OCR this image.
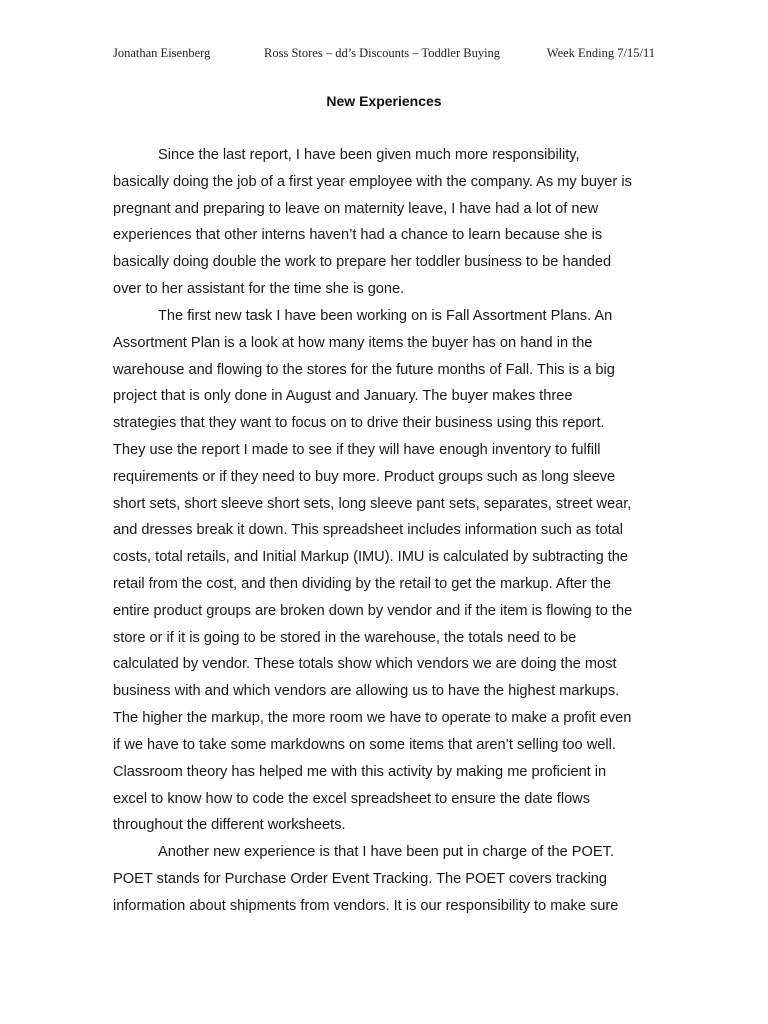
Jonathan Eisenberg	Ross Stores – dd’s Discounts – Toddler Buying	Week Ending 7/15/11
New Experiences
Since the last report, I have been given much more responsibility,
basically doing the job of a first year employee with the company. As my buyer is
pregnant and preparing to leave on maternity leave, I have had a lot of new
experiences that other interns haven’t had a chance to learn because she is
basically doing double the work to prepare her toddler business to be handed
over to her assistant for the time she is gone.
The first new task I have been working on is Fall Assortment Plans. An
Assortment Plan is a look at how many items the buyer has on hand in the
warehouse and flowing to the stores for the future months of Fall. This is a big
project that is only done in August and January. The buyer makes three
strategies that they want to focus on to drive their business using this report.
They use the report I made to see if they will have enough inventory to fulfill
requirements or if they need to buy more. Product groups such as long sleeve
short sets, short sleeve short sets, long sleeve pant sets, separates, street wear,
and dresses break it down. This spreadsheet includes information such as total
costs, total retails, and Initial Markup (IMU). IMU is calculated by subtracting the
retail from the cost, and then dividing by the retail to get the markup. After the
entire product groups are broken down by vendor and if the item is flowing to the
store or if it is going to be stored in the warehouse, the totals need to be
calculated by vendor. These totals show which vendors we are doing the most
business with and which vendors are allowing us to have the highest markups.
The higher the markup, the more room we have to operate to make a profit even
if we have to take some markdowns on some items that aren’t selling too well.
Classroom theory has helped me with this activity by making me proficient in
excel to know how to code the excel spreadsheet to ensure the date flows
throughout the different worksheets.
Another new experience is that I have been put in charge of the POET.
POET stands for Purchase Order Event Tracking. The POET covers tracking
information about shipments from vendors. It is our responsibility to make sure
